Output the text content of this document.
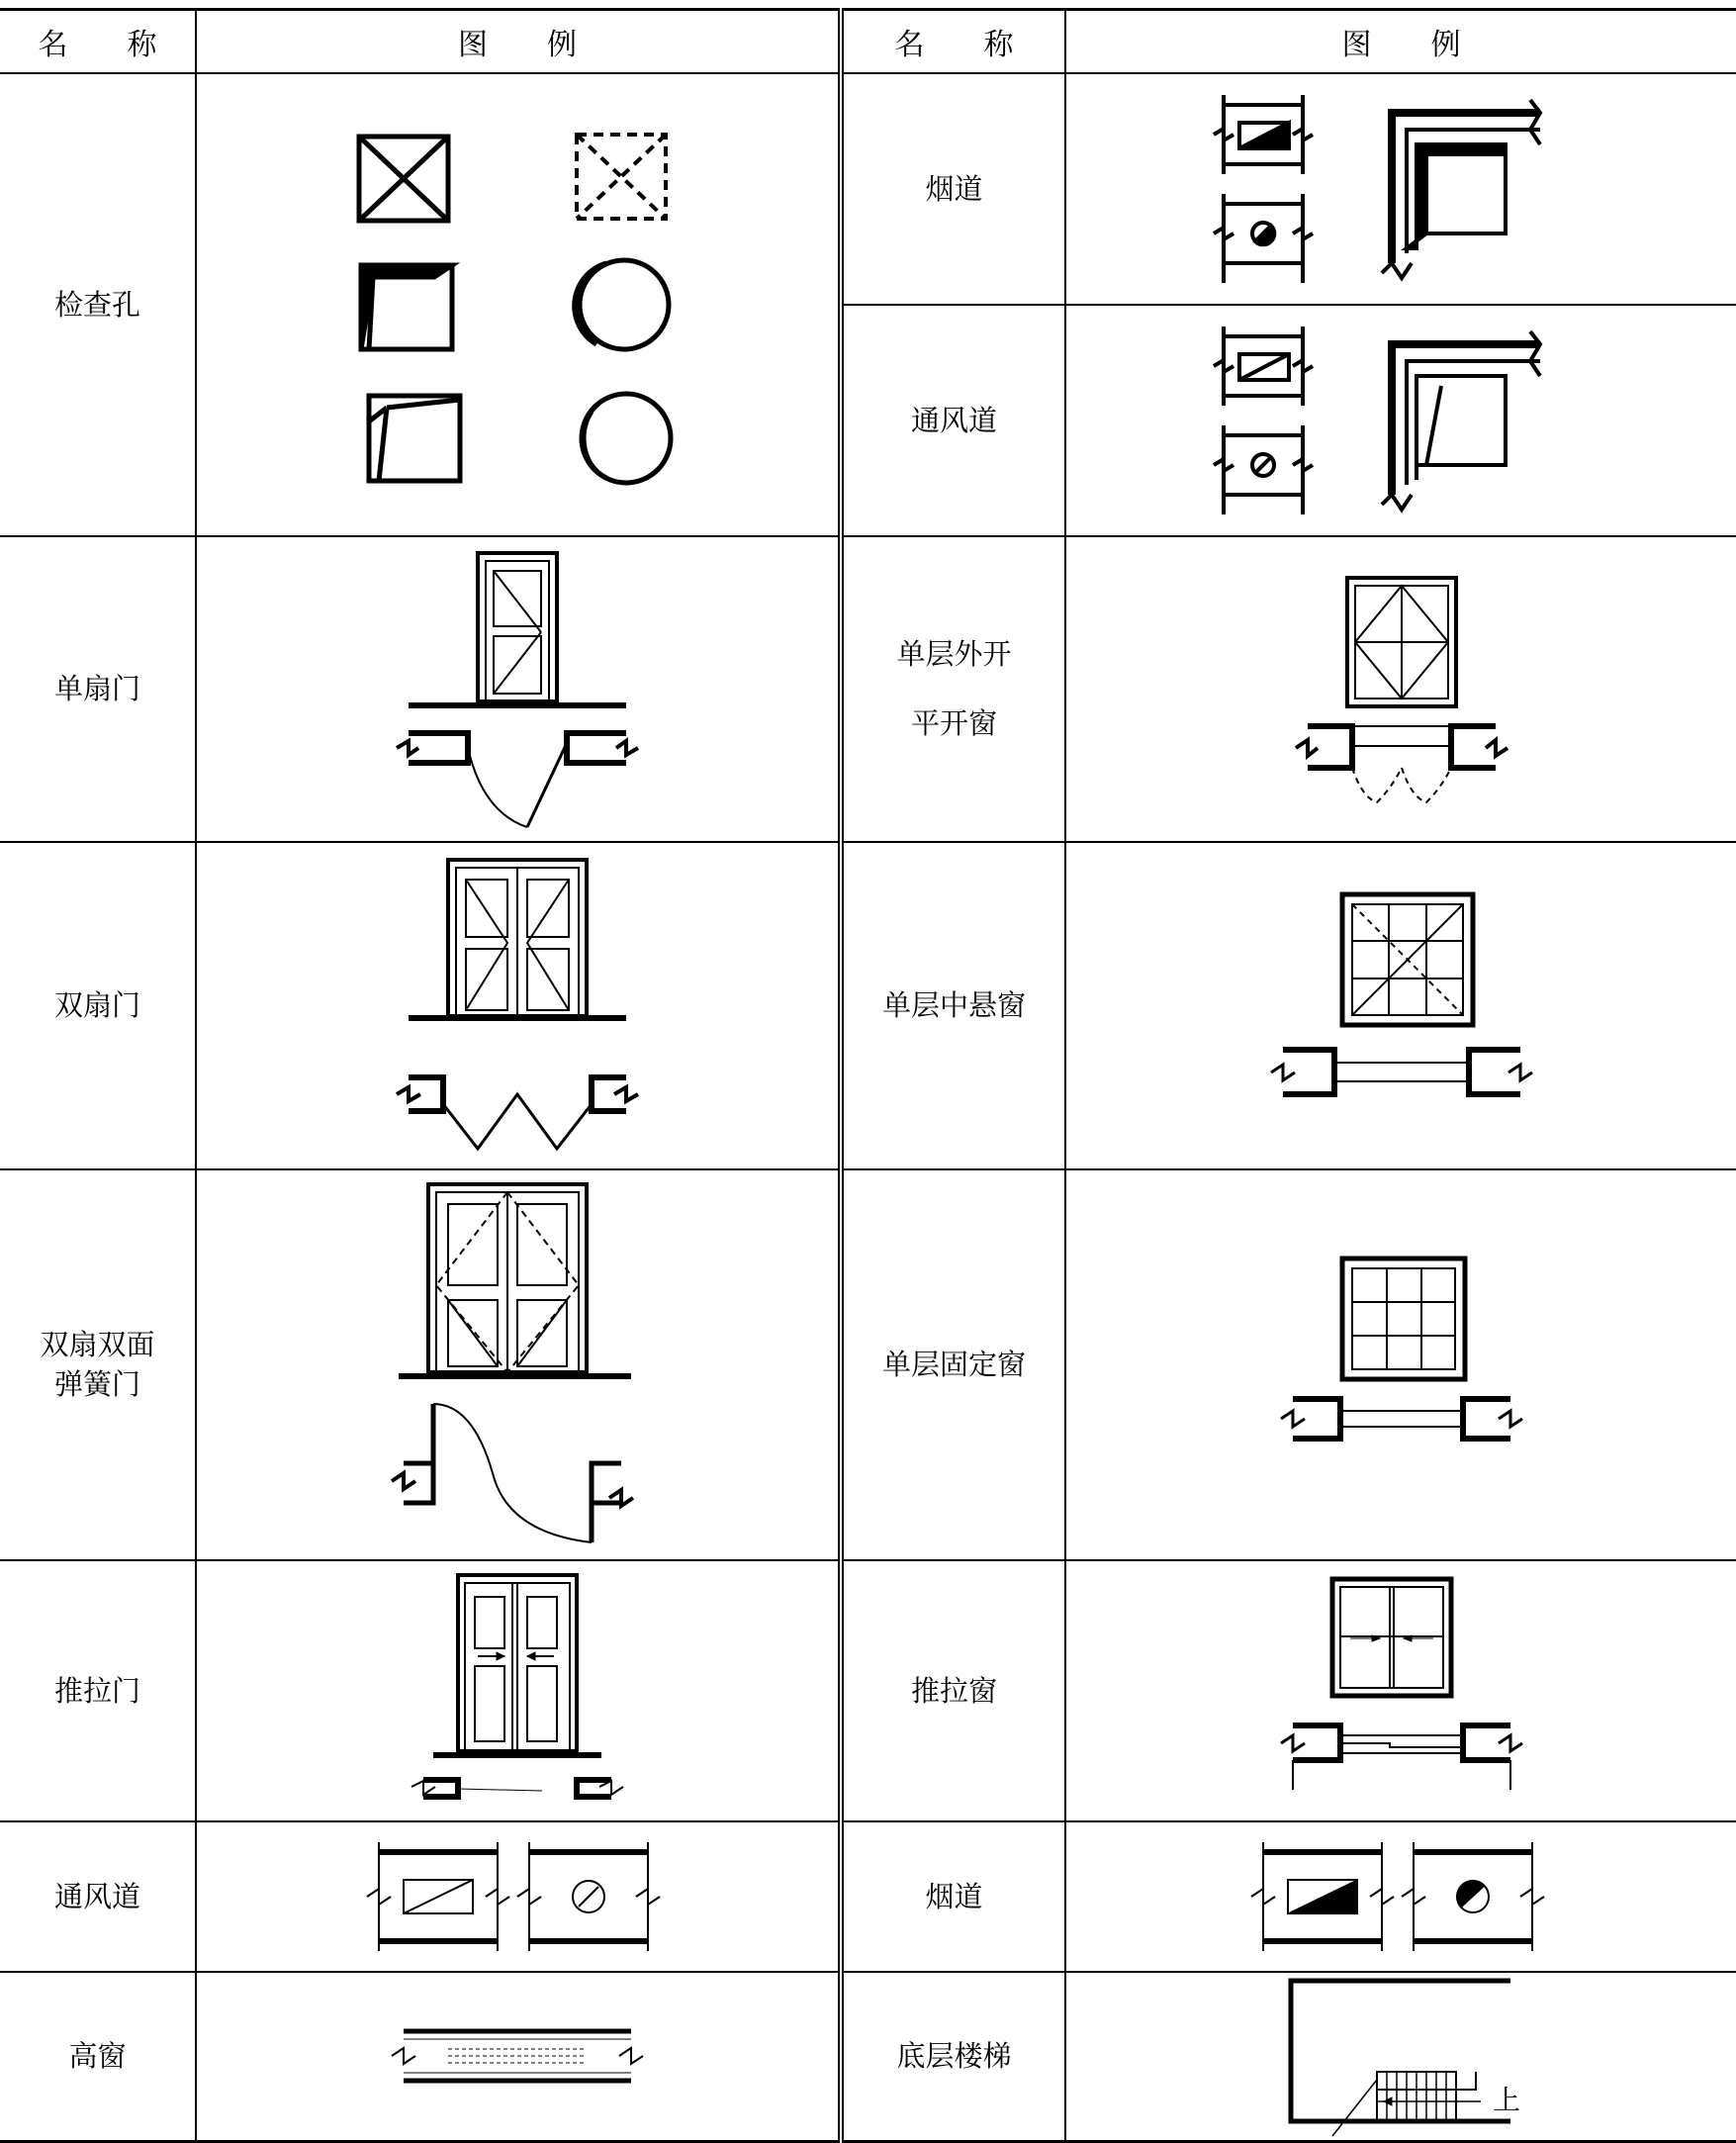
名　　称	图　　例	名　　称	图　　例

检查孔		烟道

		通风道

单扇门		单层外开
平开窗

双扇门		单层中悬窗

双扇双面
弹簧门		单层固定窗

推拉门		推拉窗

通风道		烟道

高窗		底层楼梯	上
